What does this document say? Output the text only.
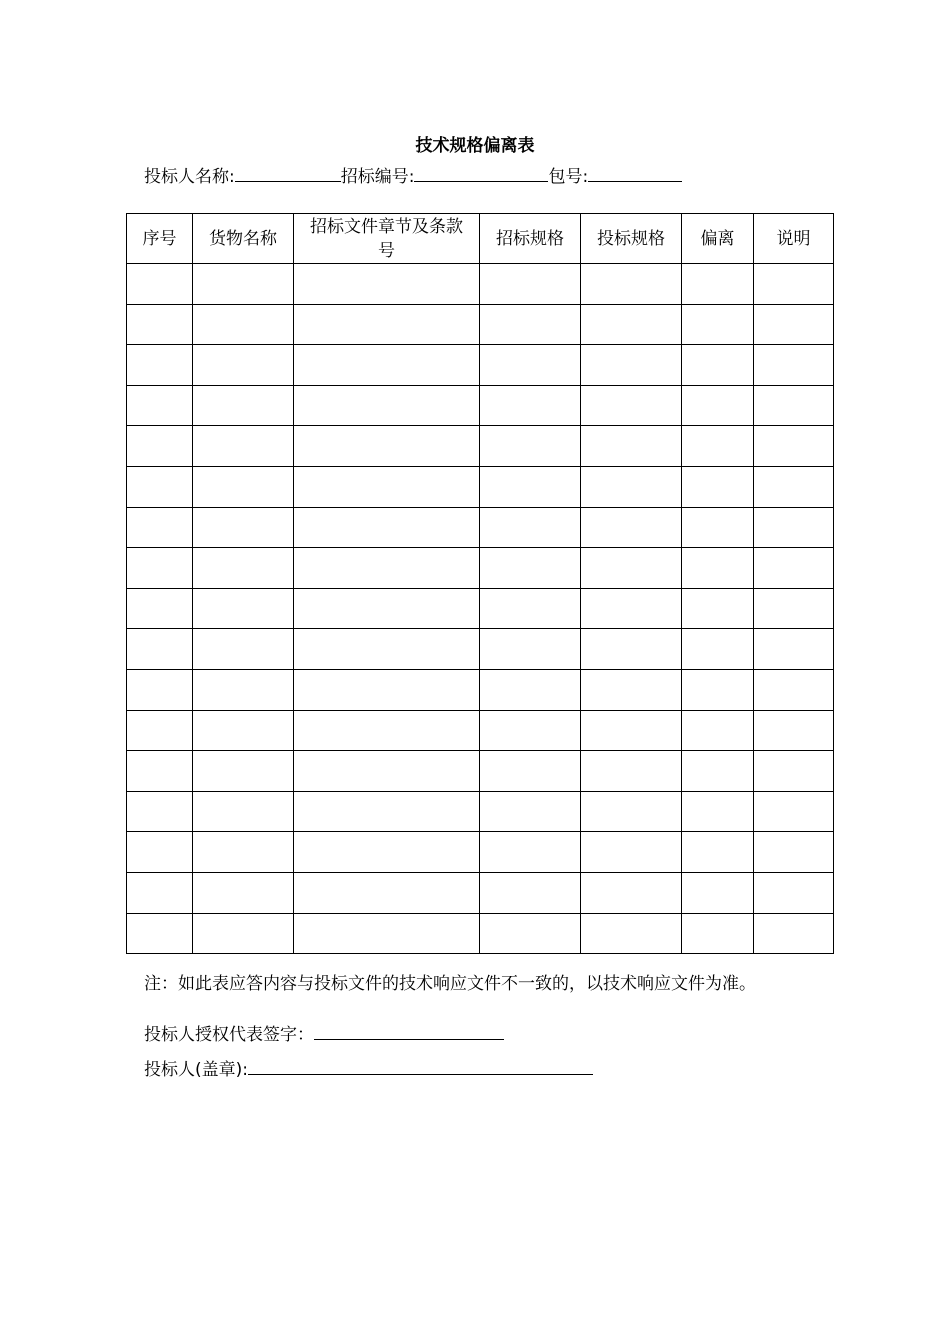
技术规格偏离表
投标人名称:	招标编号:	包号:
序号	货物名称	招标文件章节及条款号	招标规格	投标规格	偏离	说明

注：如此表应答内容与投标文件的技术响应文件不一致的，以技术响应文件为准。
投标人授权代表签字：
投标人(盖章):
